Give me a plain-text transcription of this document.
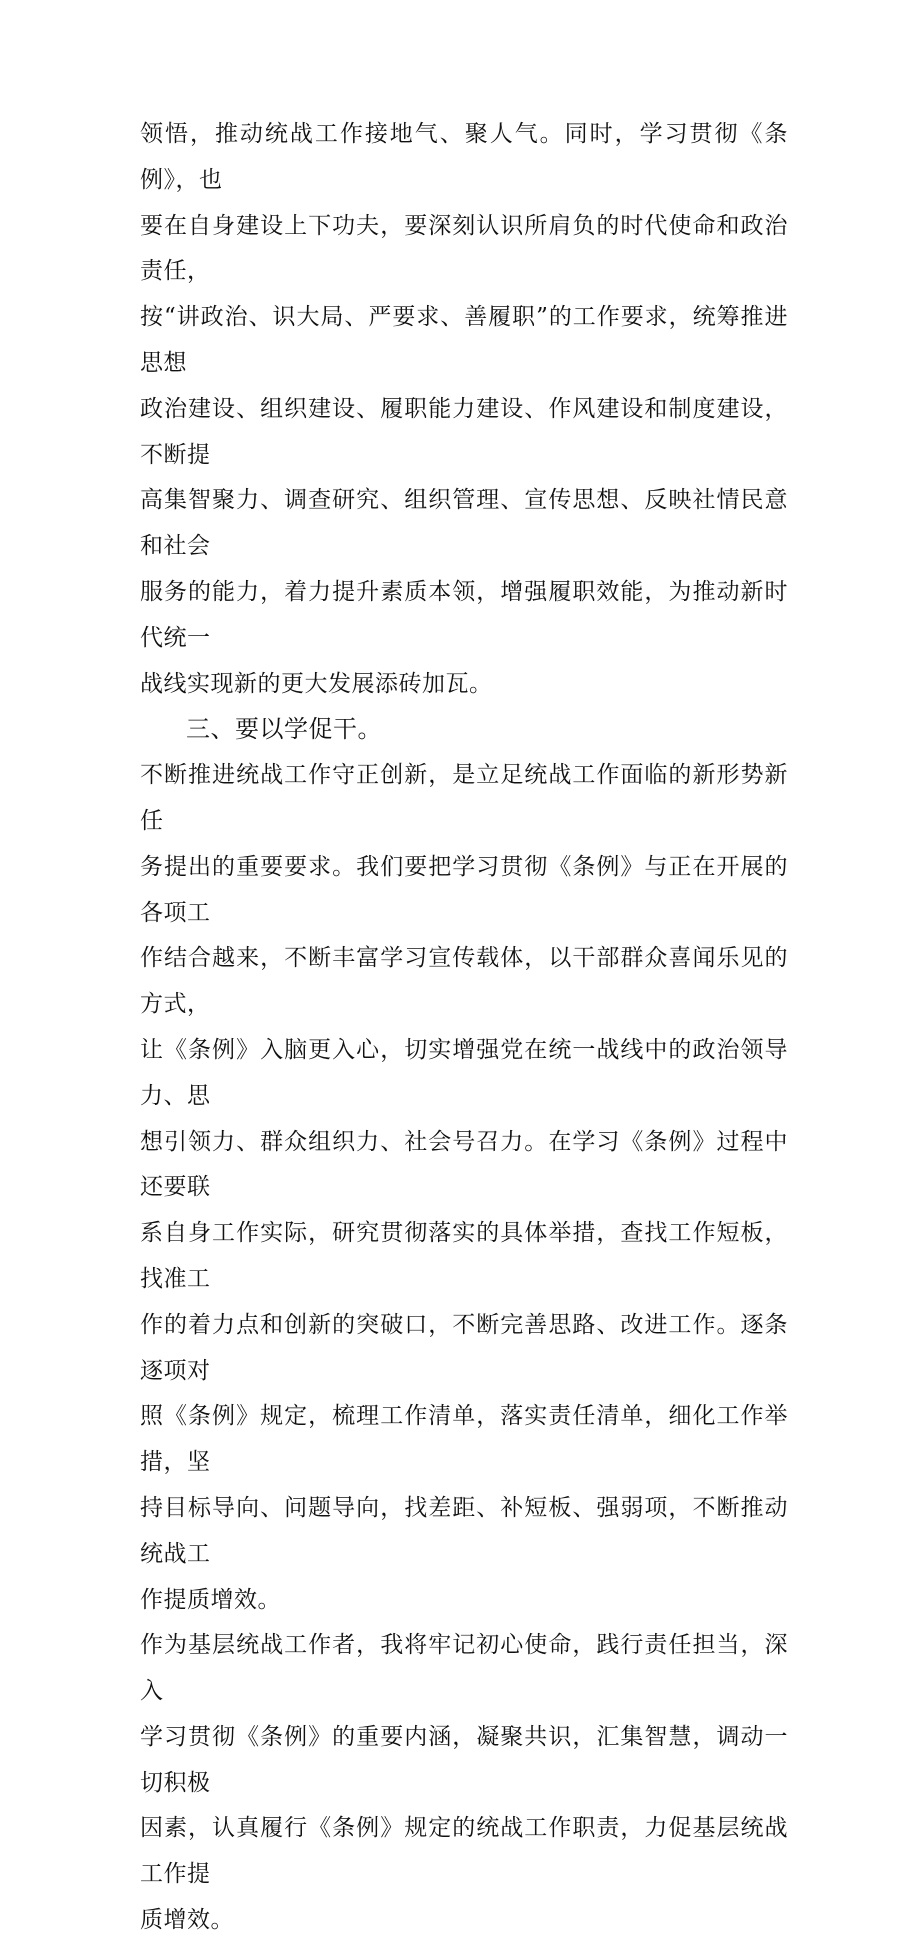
领悟，推动统战工作接地气、聚人气。同时，学习贯彻《条例》，也
要在自身建设上下功夫，要深刻认识所肩负的时代使命和政治责任，
按“讲政治、识大局、严要求、善履职”的工作要求，统筹推进思想
政治建设、组织建设、履职能力建设、作风建设和制度建设，不断提
高集智聚力、调查研究、组织管理、宣传思想、反映社情民意和社会
服务的能力，着力提升素质本领，增强履职效能，为推动新时代统一
战线实现新的更大发展添砖加瓦。

三、要以学促干。

不断推进统战工作守正创新，是立足统战工作面临的新形势新任
务提出的重要要求。我们要把学习贯彻《条例》与正在开展的各项工
作结合越来，不断丰富学习宣传载体，以干部群众喜闻乐见的方式，
让《条例》入脑更入心，切实增强党在统一战线中的政治领导力、思
想引领力、群众组织力、社会号召力。在学习《条例》过程中还要联
系自身工作实际，研究贯彻落实的具体举措，查找工作短板，找准工
作的着力点和创新的突破口，不断完善思路、改进工作。逐条逐项对
照《条例》规定，梳理工作清单，落实责任清单，细化工作举措，坚
持目标导向、问题导向，找差距、补短板、强弱项，不断推动统战工
作提质增效。

作为基层统战工作者，我将牢记初心使命，践行责任担当，深入
学习贯彻《条例》的重要内涵，凝聚共识，汇集智慧，调动一切积极
因素，认真履行《条例》规定的统战工作职责，力促基层统战工作提
质增效。
